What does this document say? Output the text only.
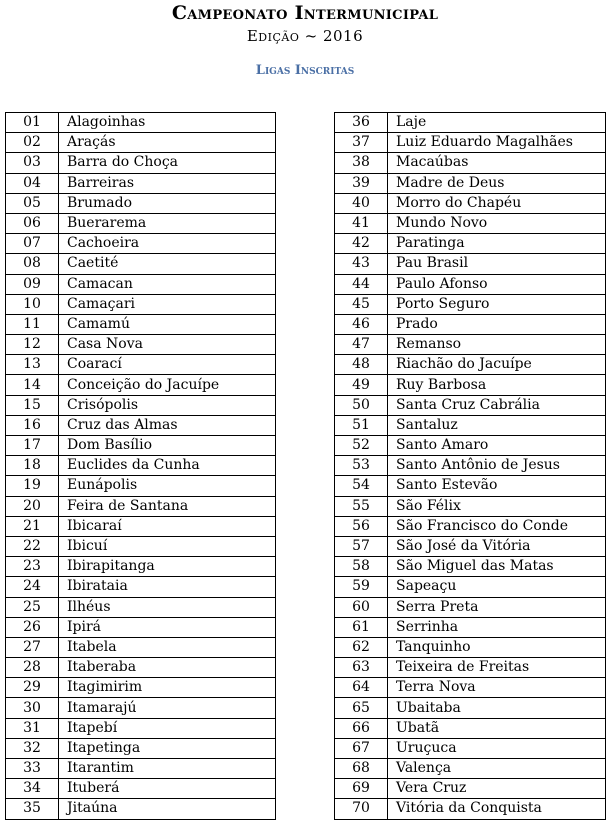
Campeonato Intermunicipal
Edição ~ 2016
Ligas Inscritas
01	Alagoinhas
02	Araçás
03	Barra do Choça
04	Barreiras
05	Brumado
06	Buerarema
07	Cachoeira
08	Caetité
09	Camacan
10	Camaçari
11	Camamú
12	Casa Nova
13	Coarací
14	Conceição do Jacuípe
15	Crisópolis
16	Cruz das Almas
17	Dom Basílio
18	Euclides da Cunha
19	Eunápolis
20	Feira de Santana
21	Ibicaraí
22	Ibicuí
23	Ibirapitanga
24	Ibirataia
25	Ilhéus
26	Ipirá
27	Itabela
28	Itaberaba
29	Itagimirim
30	Itamarajú
31	Itapebí
32	Itapetinga
33	Itarantim
34	Ituberá
35	Jitaúna
36	Laje
37	Luiz Eduardo Magalhães
38	Macaúbas
39	Madre de Deus
40	Morro do Chapéu
41	Mundo Novo
42	Paratinga
43	Pau Brasil
44	Paulo Afonso
45	Porto Seguro
46	Prado
47	Remanso
48	Riachão do Jacuípe
49	Ruy Barbosa
50	Santa Cruz Cabrália
51	Santaluz
52	Santo Amaro
53	Santo Antônio de Jesus
54	Santo Estevão
55	São Félix
56	São Francisco do Conde
57	São José da Vitória
58	São Miguel das Matas
59	Sapeaçu
60	Serra Preta
61	Serrinha
62	Tanquinho
63	Teixeira de Freitas
64	Terra Nova
65	Ubaitaba
66	Ubatã
67	Uruçuca
68	Valença
69	Vera Cruz
70	Vitória da Conquista
